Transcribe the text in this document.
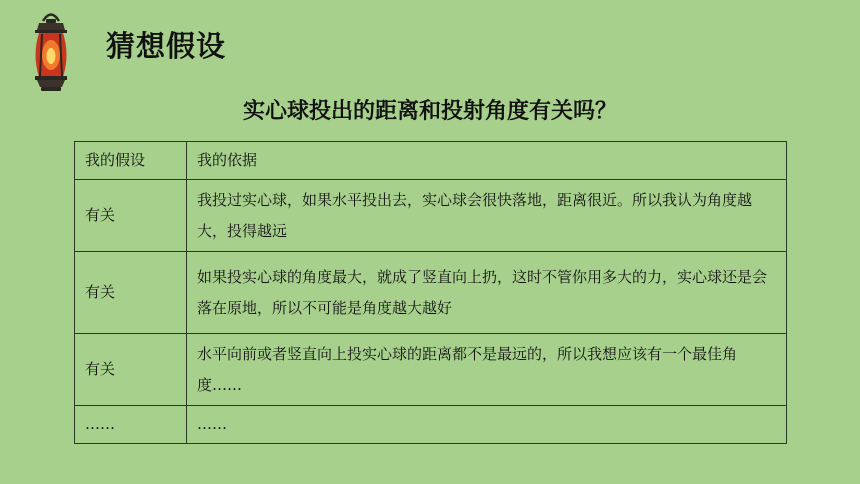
猜想假设
实心球投出的距离和投射角度有关吗？
我的假设	我的依据
有关	我投过实心球，如果水平投出去，实心球会很快落地，距离很近。所以我认为角度越大，投得越远
有关	如果投实心球的角度最大，就成了竖直向上扔，这时不管你用多大的力，实心球还是会落在原地，所以不可能是角度越大越好
有关	水平向前或者竖直向上投实心球的距离都不是最远的，所以我想应该有一个最佳角度……
……	……
